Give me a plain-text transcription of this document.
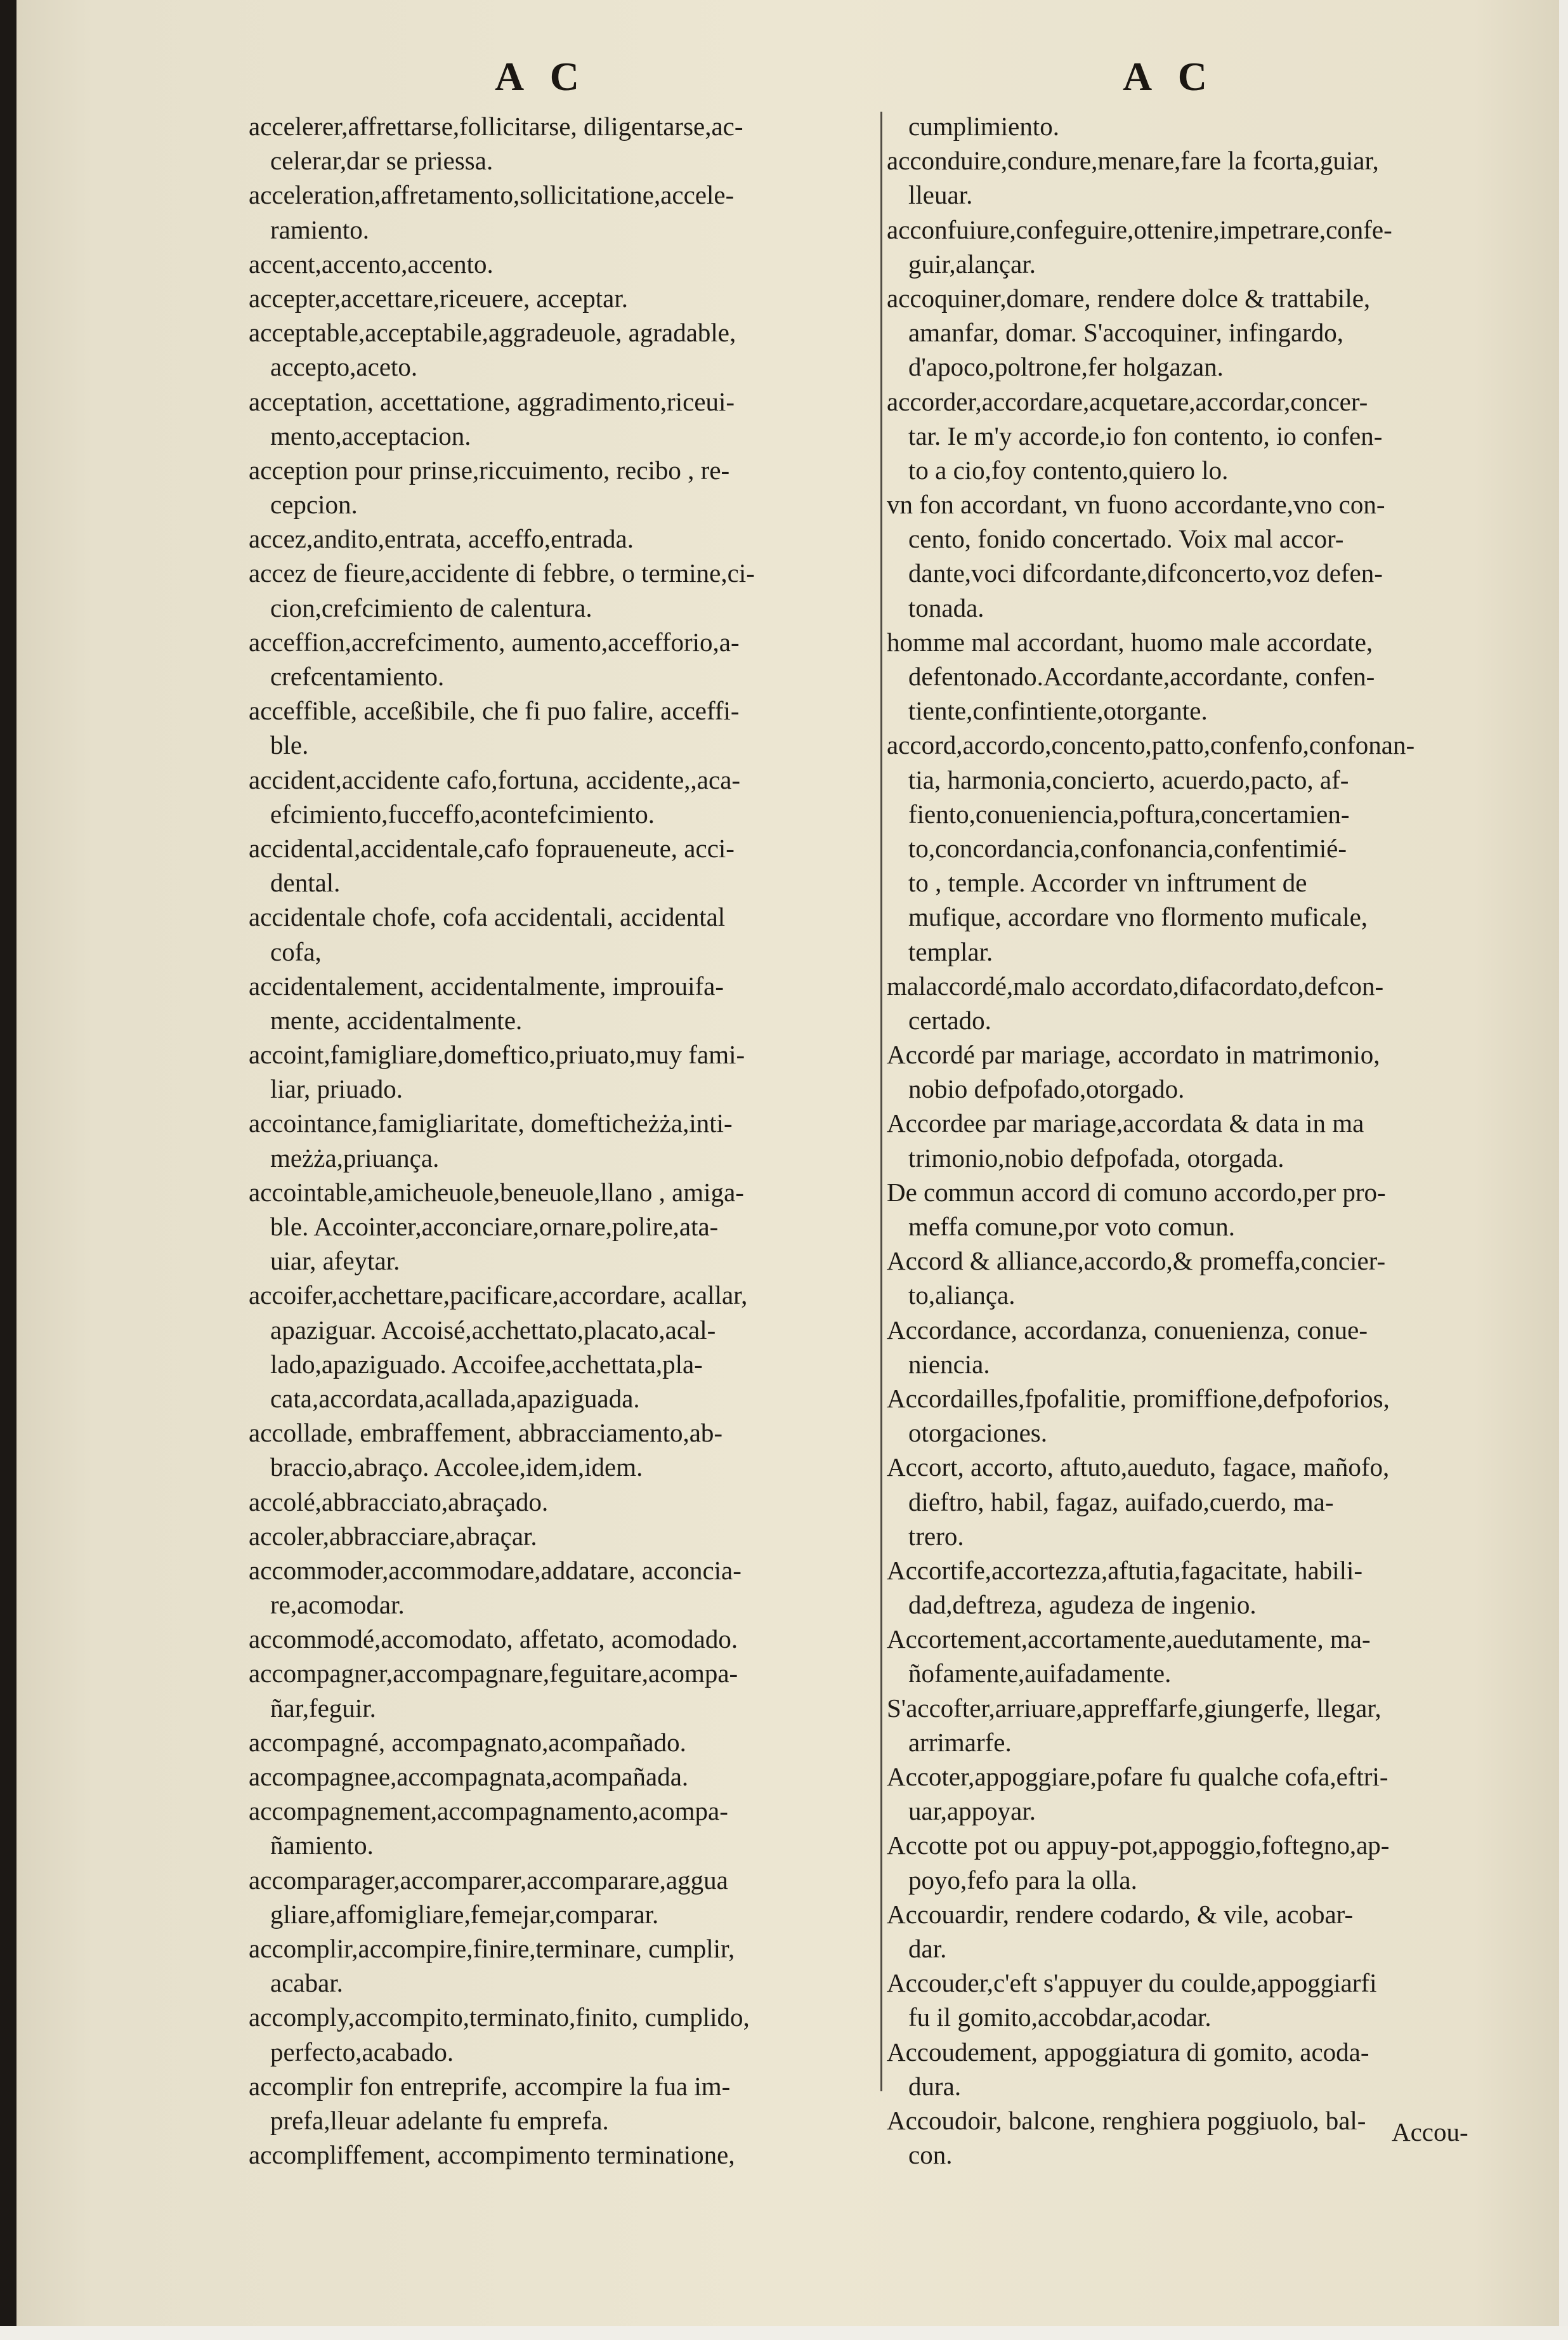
A C	A C
accelerer,affrettarse,follicitarse, diligentarse,ac-
celerar,dar se priessa.
acceleration,affretamento,sollicitatione,accele-
ramiento.
accent,accento,accento.
accepter,accettare,riceuere, acceptar.
acceptable,acceptabile,aggradeuole, agradable,
accepto,aceto.
acceptation, accettatione, aggradimento,riceui-
mento,acceptacion.
acception pour prinse,riccuimento, recibo , re-
cepcion.
accez,andito,entrata, acceffo,entrada.
accez de fieure,accidente di febbre, o termine,ci-
cion,crefcimiento de calentura.
acceffion,accrefcimento, aumento,accefforio,a-
crefcentamiento.
acceffible, acceßibile, che fi puo falire, acceffi-
ble.
accident,accidente cafo,fortuna, accidente,,aca-
efcimiento,fucceffo,acontefcimiento.
accidental,accidentale,cafo fopraueneute, acci-
dental.
accidentale chofe, cofa accidentali, accidental
cofa,
accidentalement, accidentalmente, improuifa-
mente, accidentalmente.
accoint,famigliare,domeftico,priuato,muy fami-
liar, priuado.
accointance,famigliaritate, domefticheżża,inti-
meżża,priuança.
accointable,amicheuole,beneuole,llano , amiga-
ble. Accointer,acconciare,ornare,polire,ata-
uiar, afeytar.
accoifer,acchettare,pacificare,accordare, acallar,
apaziguar. Accoisé,acchettato,placato,acal-
lado,apaziguado. Accoifee,acchettata,pla-
cata,accordata,acallada,apaziguada.
accollade, embraffement, abbracciamento,ab-
braccio,abraço. Accolee,idem,idem.
accolé,abbracciato,abraçado.
accoler,abbracciare,abraçar.
accommoder,accommodare,addatare, acconcia-
re,acomodar.
accommodé,accomodato, affetato, acomodado.
accompagner,accompagnare,feguitare,acompa-
ñar,feguir.
accompagné, accompagnato,acompañado.
accompagnee,accompagnata,acompañada.
accompagnement,accompagnamento,acompa-
ñamiento.
accomparager,accomparer,accomparare,aggua
gliare,affomigliare,femejar,comparar.
accomplir,accompire,finire,terminare, cumplir,
acabar.
accomply,accompito,terminato,finito, cumplido,
perfecto,acabado.
accomplir fon entreprife, accompire la fua im-
prefa,lleuar adelante fu emprefa.
accompliffement, accompimento terminatione,
cumplimiento.
acconduire,condure,menare,fare la fcorta,guiar,
lleuar.
acconfuiure,confeguire,ottenire,impetrare,confe-
guir,alançar.
accoquiner,domare, rendere dolce & trattabile,
amanfar, domar. S'accoquiner, infingardo,
d'apoco,poltrone,fer holgazan.
accorder,accordare,acquetare,accordar,concer-
tar. Ie m'y accorde,io fon contento, io confen-
to a cio,foy contento,quiero lo.
vn fon accordant, vn fuono accordante,vno con-
cento, fonido concertado. Voix mal accor-
dante,voci difcordante,difconcerto,voz defen-
tonada.
homme mal accordant, huomo male accordate,
defentonado.Accordante,accordante, confen-
tiente,confintiente,otorgante.
accord,accordo,concento,patto,confenfo,confonan-
tia, harmonia,concierto, acuerdo,pacto, af-
fiento,conueniencia,poftura,concertamien-
to,concordancia,confonancia,confentimié-
to , temple. Accorder vn inftrument de
mufique, accordare vno flormento muficale,
templar.
malaccordé,malo accordato,difacordato,defcon-
certado.
Accordé par mariage, accordato in matrimonio,
nobio defpofado,otorgado.
Accordee par mariage,accordata & data in ma
trimonio,nobio defpofada, otorgada.
De commun accord di comuno accordo,per pro-
meffa comune,por voto comun.
Accord & alliance,accordo,& promeffa,concier-
to,aliança.
Accordance, accordanza, conuenienza, conue-
niencia.
Accordailles,fpofalitie, promiffione,defpoforios,
otorgaciones.
Accort, accorto, aftuto,aueduto, fagace, mañofo,
dieftro, habil, fagaz, auifado,cuerdo, ma-
trero.
Accortife,accortezza,aftutia,fagacitate, habili-
dad,deftreza, agudeza de ingenio.
Accortement,accortamente,auedutamente, ma-
ñofamente,auifadamente.
S'accofter,arriuare,appreffarfe,giungerfe, llegar,
arrimarfe.
Accoter,appoggiare,pofare fu qualche cofa,eftri-
uar,appoyar.
Accotte pot ou appuy-pot,appoggio,foftegno,ap-
poyo,fefo para la olla.
Accouardir, rendere codardo, & vile, acobar-
dar.
Accouder,c'eft s'appuyer du coulde,appoggiarfi
fu il gomito,accobdar,acodar.
Accoudement, appoggiatura di gomito, acoda-
dura.
Accoudoir, balcone, renghiera poggiuolo, bal-
con.
Accou-
